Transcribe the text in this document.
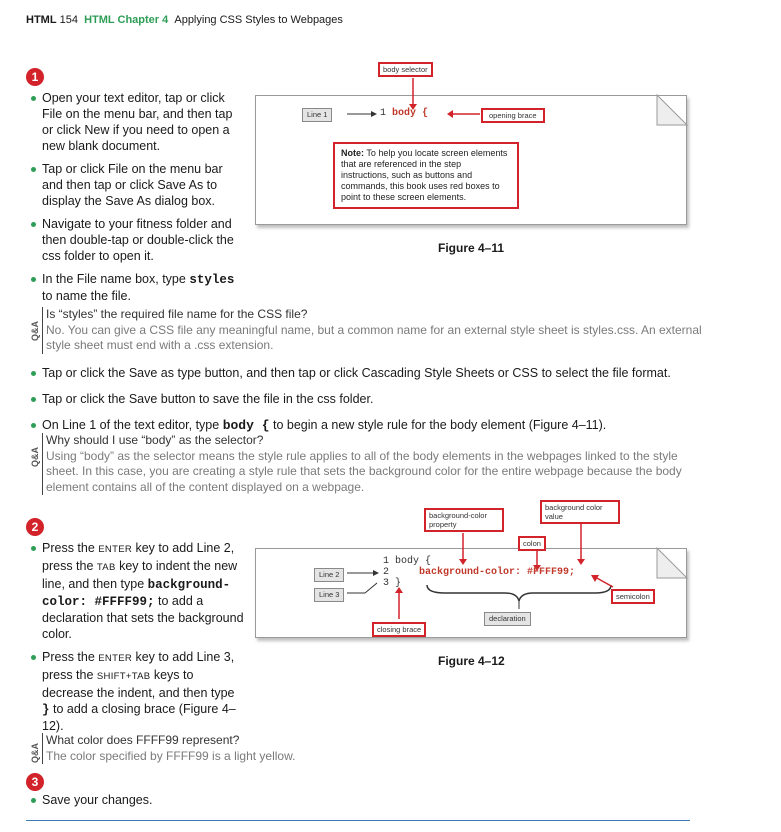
HTML 154 HTML Chapter 4 Applying CSS Styles to Webpages
1
Open your text editor, tap or click File on the menu bar, and then tap or click New if you need to open a new blank document.
Tap or click File on the menu bar and then tap or click Save As to display the Save As dialog box.
Navigate to your fitness folder and then double-tap or double-click the css folder to open it.
In the File name box, type styles to name the file.
body selector
Line 1	1 body {	opening brace
Note: To help you locate screen elements that are referenced in the step instructions, such as buttons and commands, this book uses red boxes to point to these screen elements.
Figure 4–11
Q&A
Is “styles” the required file name for the CSS file?
No. You can give a CSS file any meaningful name, but a common name for an external style sheet is styles.css. An external style sheet must end with a .css extension.
Tap or click the Save as type button, and then tap or click Cascading Style Sheets or CSS to select the file format.
Tap or click the Save button to save the file in the css folder.
On Line 1 of the text editor, type body { to begin a new style rule for the body element (Figure 4–11).
Q&A
Why should I use “body” as the selector?
Using “body” as the selector means the style rule applies to all of the body elements in the webpages linked to the style sheet. In this case, you are creating a style rule that sets the background color for the entire webpage because the body element contains all of the content displayed on a webpage.
2
Press the ENTER key to add Line 2, press the TAB key to indent the new line, and then type background-color: #FFFF99; to add a declaration that sets the background color.
Press the ENTER key to add Line 3, press the SHIFT+TAB keys to decrease the indent, and then type } to add a closing brace (Figure 4–12).
background-color property
background color value
colon
Line 2
Line 3
1 body {
2	background-color: #FFFF99;
3 }
semicolon
declaration
closing brace
Figure 4–12
Q&A
What color does FFFF99 represent?
The color specified by FFFF99 is a light yellow.
3
Save your changes.
